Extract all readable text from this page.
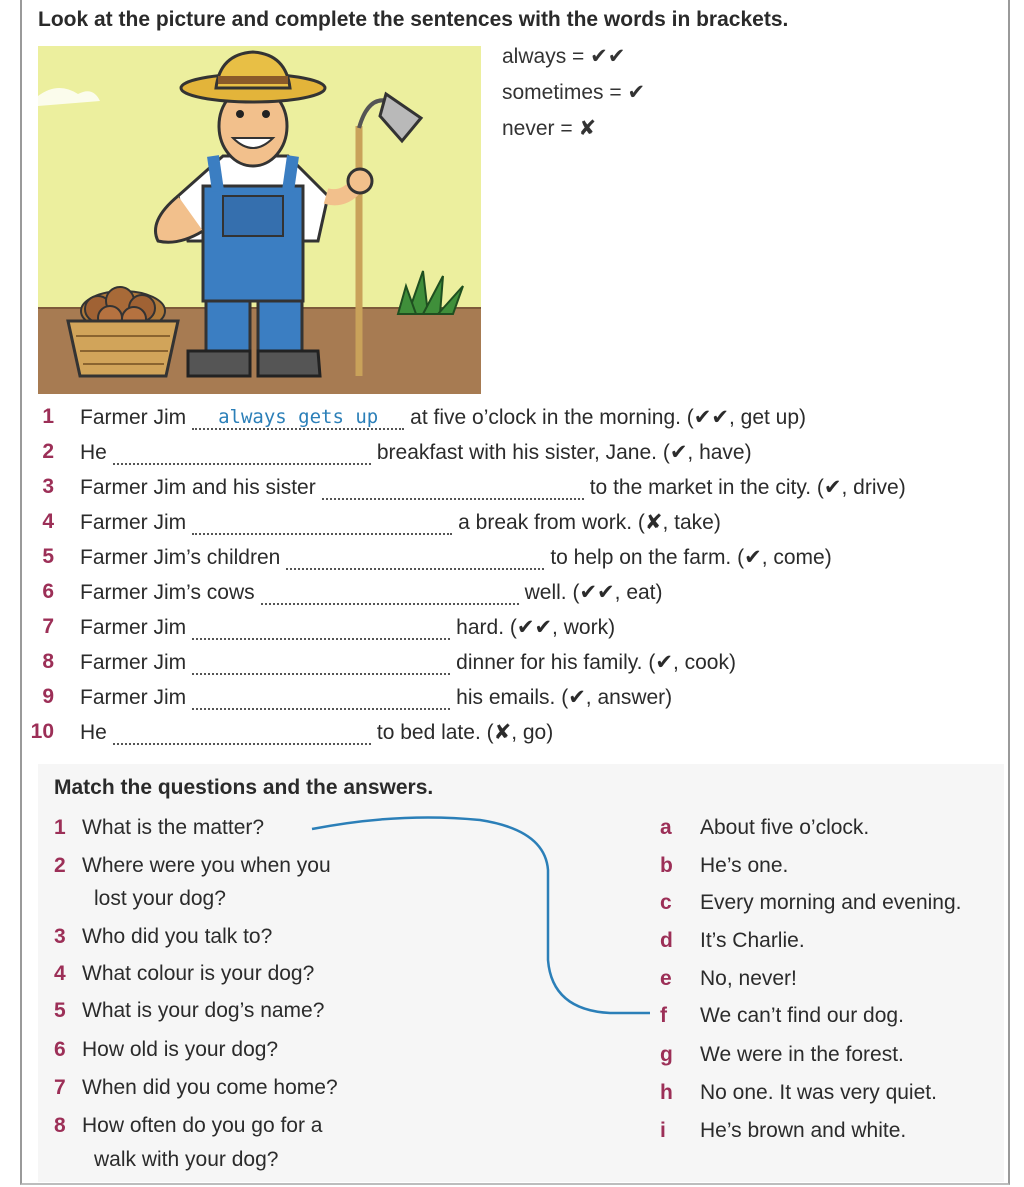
Look at the picture and complete the sentences with the words in brackets.
always = ✔✔
sometimes = ✔
never = ✘
1 Farmer Jim	always gets up	at five o’clock in the morning. (✔✔, get up)
2 He	breakfast with his sister, Jane. (✔, have)
3 Farmer Jim and his sister	to the market in the city. (✔, drive)
4 Farmer Jim	a break from work. (✘, take)
5 Farmer Jim’s children	to help on the farm. (✔, come)
6 Farmer Jim’s cows	well. (✔✔, eat)
7 Farmer Jim	hard. (✔✔, work)
8 Farmer Jim	dinner for his family. (✔, cook)
9 Farmer Jim	his emails. (✔, answer)
10 He	to bed late. (✘, go)
Match the questions and the answers.
1 What is the matter?
2 Where were you when you
lost your dog?
3 Who did you talk to?
4 What colour is your dog?
5 What is your dog’s name?
6 How old is your dog?
7 When did you come home?
8 How often do you go for a
walk with your dog?
a About five o’clock.
b He’s one.
c Every morning and evening.
d It’s Charlie.
e No, never!
f We can’t find our dog.
g We were in the forest.
h No one. It was very quiet.
i He’s brown and white.
